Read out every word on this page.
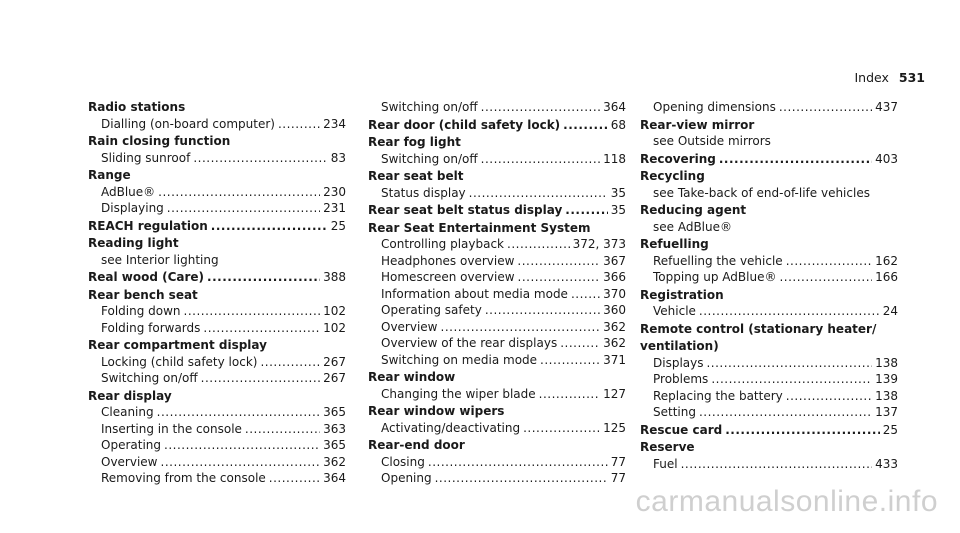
Index 531
Radio stations
Dialling (on-board computer) .....	234
Rain closing function
Sliding sunroof .....	83
Range
AdBlue® .....	230
Displaying .....	231
REACH regulation .....	25
Reading light
see Interior lighting
Real wood (Care) .....	388
Rear bench seat
Folding down .....	102
Folding forwards .....	102
Rear compartment display
Locking (child safety lock) .....	267
Switching on/off .....	267
Rear display
Cleaning .....	365
Inserting in the console .....	363
Operating .....	365
Overview .....	362
Removing from the console .....	364
Switching on/off .....	364
Rear door (child safety lock) .....	68
Rear fog light
Switching on/off .....	118
Rear seat belt
Status display .....	35
Rear seat belt status display .....	35
Rear Seat Entertainment System
Controlling playback .....	372, 373
Headphones overview .....	367
Homescreen overview .....	366
Information about media mode .....	370
Operating safety .....	360
Overview .....	362
Overview of the rear displays .....	362
Switching on media mode .....	371
Rear window
Changing the wiper blade .....	127
Rear window wipers
Activating/deactivating .....	125
Rear-end door
Closing .....	77
Opening .....	77
Opening dimensions .....	437
Rear-view mirror
see Outside mirrors
Recovering .....	403
Recycling
see Take-back of end-of-life vehicles
Reducing agent
see AdBlue®
Refuelling
Refuelling the vehicle .....	162
Topping up AdBlue® .....	166
Registration
Vehicle .....	24
Remote control (stationary heater/
ventilation)
Displays .....	138
Problems .....	139
Replacing the battery .....	138
Setting .....	137
Rescue card .....	25
Reserve
Fuel .....	433
carmanualsonline.info
